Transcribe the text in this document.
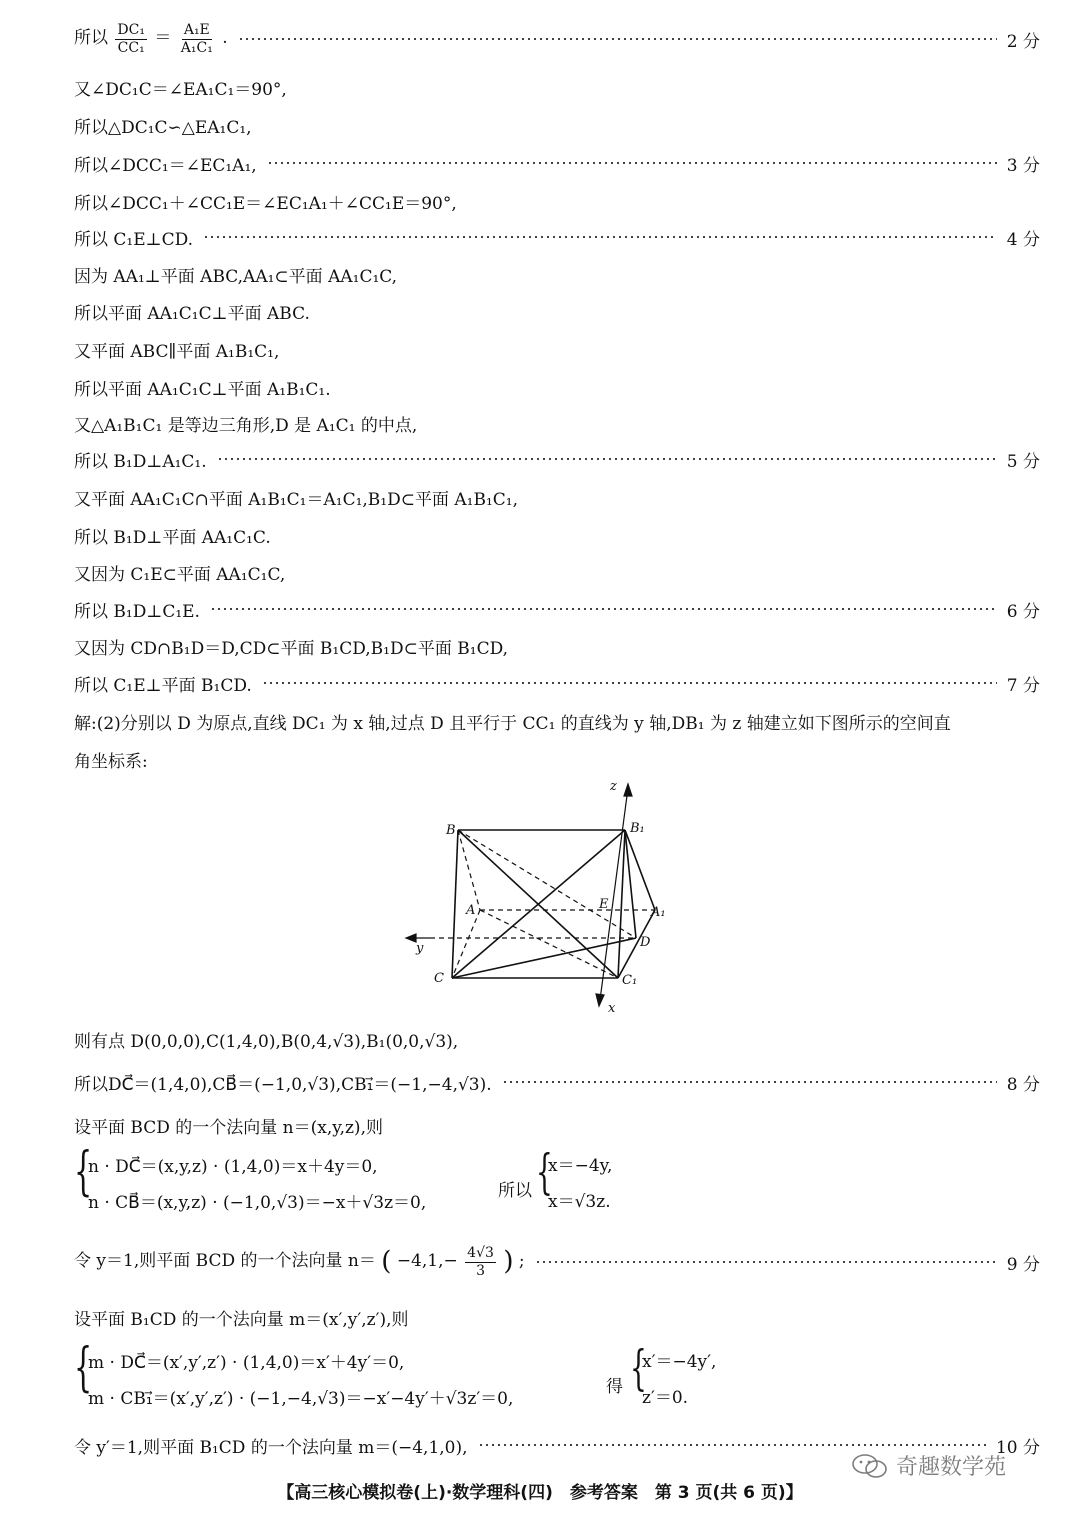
所以 $\frac{\text{DC₁}}{\text{CC₁}} = \frac{\text{A₁E}}{\text{A₁C₁}}$ .	2 分
又∠DC₁C＝∠EA₁C₁＝90°,
所以△DC₁C∽△EA₁C₁,
所以∠DCC₁＝∠EC₁A₁,	3 分
所以∠DCC₁＋∠CC₁E＝∠EC₁A₁＋∠CC₁E＝90°,
所以 C₁E⊥CD.	4 分
因为 AA₁⊥平面 ABC,AA₁⊂平面 AA₁C₁C,
所以平面 AA₁C₁C⊥平面 ABC.
又平面 ABC∥平面 A₁B₁C₁,
所以平面 AA₁C₁C⊥平面 A₁B₁C₁.
又△A₁B₁C₁ 是等边三角形,D 是 A₁C₁ 的中点,
所以 B₁D⊥A₁C₁.	5 分
又平面 AA₁C₁C∩平面 A₁B₁C₁＝A₁C₁,B₁D⊂平面 A₁B₁C₁,
所以 B₁D⊥平面 AA₁C₁C.
又因为 C₁E⊂平面 AA₁C₁C,
所以 B₁D⊥C₁E.	6 分
又因为 CD∩B₁D＝D,CD⊂平面 B₁CD,B₁D⊂平面 B₁CD,
所以 C₁E⊥平面 B₁CD.	7 分
解:(2)分别以 D 为原点,直线 DC₁ 为 x 轴,过点 D 且平行于 CC₁ 的直线为 y 轴,DB₁ 为 z 轴建立如下图所示的空间直
角坐标系:
z
B	B₁
A	E
A₁
y	D
C	C₁
x
则有点 D(0,0,0),C(1,4,0),B(0,4,√3),B₁(0,0,√3),
所以DC⃗＝(1,4,0),CB⃗＝(−1,0,√3),CB₁⃗＝(−1,−4,√3).	8 分
设平面 BCD 的一个法向量 n＝(x,y,z),则
{
n · DC⃗＝(x,y,z) · (1,4,0)＝x＋4y＝0,
n · CB⃗＝(x,y,z) · (−1,0,√3)＝−x＋√3z＝0,
所以 {
x＝−4y,
x＝√3z.
令 y＝1,则平面 BCD 的一个法向量 n＝ ( $-4,1,- \frac{4√3}{3}$ ) ;	9 分
设平面 B₁CD 的一个法向量 m＝(x′,y′,z′),则
{
m · DC⃗＝(x′,y′,z′) · (1,4,0)＝x′＋4y′＝0,
m · CB₁⃗＝(x′,y′,z′) · (−1,−4,√3)＝−x′−4y′＋√3z′＝0,
得 {
x′＝−4y′,
z′＝0.
令 y′＝1,则平面 B₁CD 的一个法向量 m＝(−4,1,0),	10 分
【高三核心模拟卷(上)·数学理科(四)　参考答案　第 3 页(共 6 页)】
奇趣数学苑
